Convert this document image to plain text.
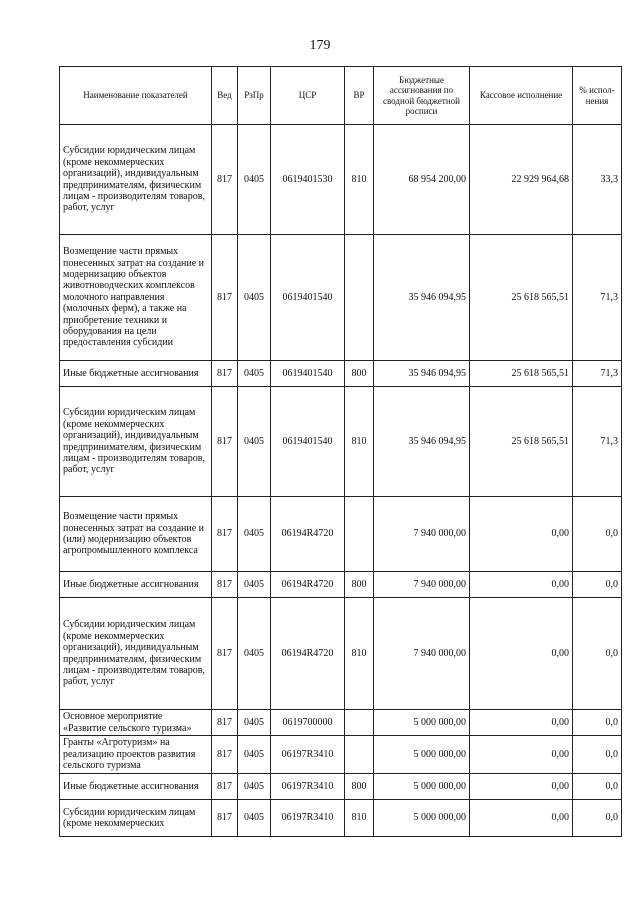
179
Наименование показателей	Вед	РзПр	ЦСР	ВР	Бюджетные ассигнования по сводной бюджетной росписи	Кассовое исполнение	% испол-нения
Субсидии юридическим лицам (кроме некоммерческих организаций), индивидуальным предпринимателям, физическим лицам - производителям товаров, работ, услуг	817	0405	0619401530	810	68 954 200,00	22 929 964,68	33,3
Возмещение части прямых понесенных затрат на создание и модернизацию объектов животноводческих комплексов молочного направления (молочных ферм), а также на приобретение техники и оборудования на цели предоставления субсидии	817	0405	0619401540		35 946 094,95	25 618 565,51	71,3
Иные бюджетные ассигнования	817	0405	0619401540	800	35 946 094,95	25 618 565,51	71,3
Субсидии юридическим лицам (кроме некоммерческих организаций), индивидуальным предпринимателям, физическим лицам - производителям товаров, работ, услуг	817	0405	0619401540	810	35 946 094,95	25 618 565,51	71,3
Возмещение части прямых понесенных затрат на создание и (или) модернизацию объектов агропромышленного комплекса	817	0405	06194R4720		7 940 000,00	0,00	0,0
Иные бюджетные ассигнования	817	0405	06194R4720	800	7 940 000,00	0,00	0,0
Субсидии юридическим лицам (кроме некоммерческих организаций), индивидуальным предпринимателям, физическим лицам - производителям товаров, работ, услуг	817	0405	06194R4720	810	7 940 000,00	0,00	0,0
Основное мероприятие «Развитие сельского туризма»	817	0405	0619700000		5 000 000,00	0,00	0,0
Гранты «Агротуризм» на реализацию проектов развития сельского туризма	817	0405	06197R3410		5 000 000,00	0,00	0,0
Иные бюджетные ассигнования	817	0405	06197R3410	800	5 000 000,00	0,00	0,0
Субсидии юридическим лицам (кроме некоммерческих	817	0405	06197R3410	810	5 000 000,00	0,00	0,0
